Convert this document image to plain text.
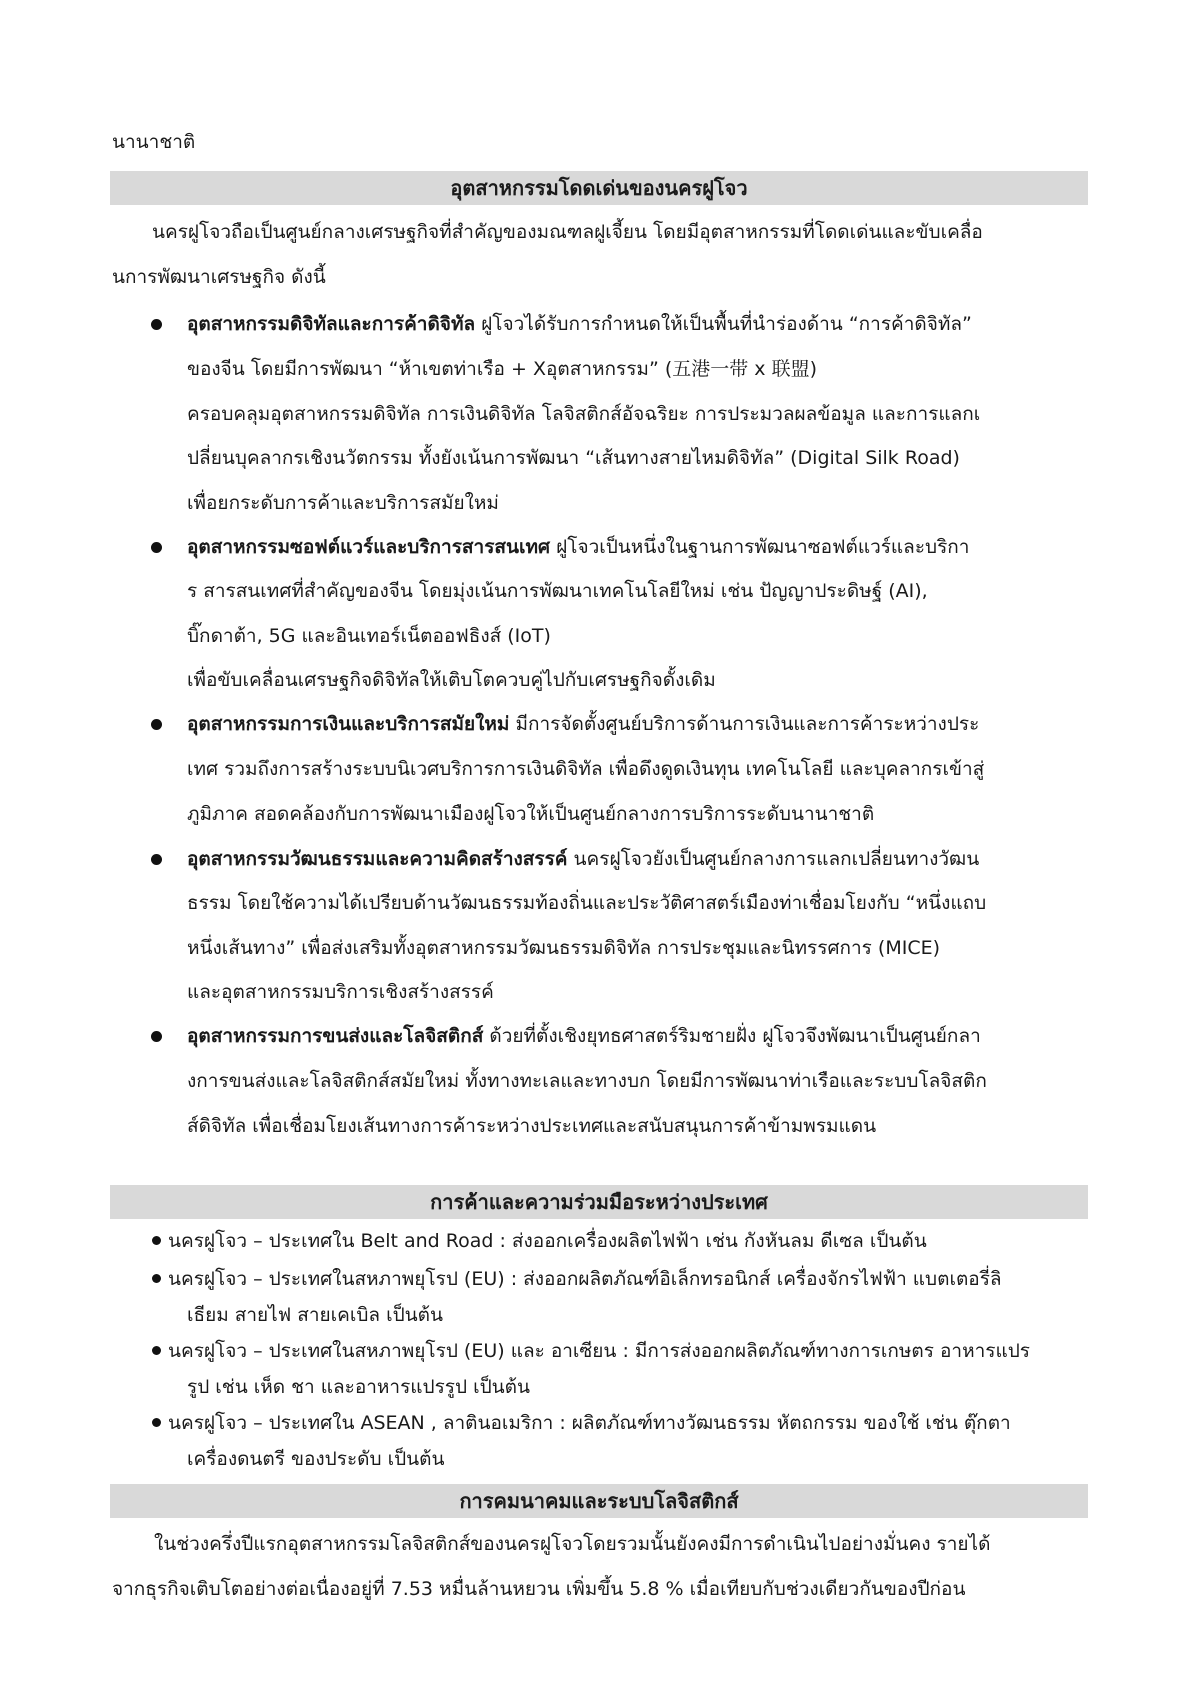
นานาชาติ
อุตสาหกรรมโดดเด่นของนครฝูโจว
นครฝูโจวถือเป็นศูนย์กลางเศรษฐกิจที่สำคัญของมณฑลฝูเจี้ยน โดยมีอุตสาหกรรมที่โดดเด่นและขับเคลื่อ
นการพัฒนาเศรษฐกิจ ดังนี้
อุตสาหกรรมดิจิทัลและการค้าดิจิทัล ฝูโจวได้รับการกำหนดให้เป็นพื้นที่นำร่องด้าน “การค้าดิจิทัล”
ของจีน โดยมีการพัฒนา “ห้าเขตท่าเรือ + Xอุตสาหกรรม” (五港一带 x 联盟)
ครอบคลุมอุตสาหกรรมดิจิทัล การเงินดิจิทัล โลจิสติกส์อัจฉริยะ การประมวลผลข้อมูล และการแลกเ
ปลี่ยนบุคลากรเชิงนวัตกรรม ทั้งยังเน้นการพัฒนา “เส้นทางสายไหมดิจิทัล” (Digital Silk Road)
เพื่อยกระดับการค้าและบริการสมัยใหม่
อุตสาหกรรมซอฟต์แวร์และบริการสารสนเทศ ฝูโจวเป็นหนึ่งในฐานการพัฒนาซอฟต์แวร์และบริกา
ร สารสนเทศที่สำคัญของจีน โดยมุ่งเน้นการพัฒนาเทคโนโลยีใหม่ เช่น ปัญญาประดิษฐ์ (AI),
บิ๊กดาต้า, 5G และอินเทอร์เน็ตออฟธิงส์ (IoT)
เพื่อขับเคลื่อนเศรษฐกิจดิจิทัลให้เติบโตควบคู่ไปกับเศรษฐกิจดั้งเดิม
อุตสาหกรรมการเงินและบริการสมัยใหม่ มีการจัดตั้งศูนย์บริการด้านการเงินและการค้าระหว่างประ
เทศ รวมถึงการสร้างระบบนิเวศบริการการเงินดิจิทัล เพื่อดึงดูดเงินทุน เทคโนโลยี และบุคลากรเข้าสู่
ภูมิภาค สอดคล้องกับการพัฒนาเมืองฝูโจวให้เป็นศูนย์กลางการบริการระดับนานาชาติ
อุตสาหกรรมวัฒนธรรมและความคิดสร้างสรรค์ นครฝูโจวยังเป็นศูนย์กลางการแลกเปลี่ยนทางวัฒน
ธรรม โดยใช้ความได้เปรียบด้านวัฒนธรรมท้องถิ่นและประวัติศาสตร์เมืองท่าเชื่อมโยงกับ “หนึ่งแถบ
หนึ่งเส้นทาง” เพื่อส่งเสริมทั้งอุตสาหกรรมวัฒนธรรมดิจิทัล การประชุมและนิทรรศการ (MICE)
และอุตสาหกรรมบริการเชิงสร้างสรรค์
อุตสาหกรรมการขนส่งและโลจิสติกส์ ด้วยที่ตั้งเชิงยุทธศาสตร์ริมชายฝั่ง ฝูโจวจึงพัฒนาเป็นศูนย์กลา
งการขนส่งและโลจิสติกส์สมัยใหม่ ทั้งทางทะเลและทางบก โดยมีการพัฒนาท่าเรือและระบบโลจิสติก
ส์ดิจิทัล เพื่อเชื่อมโยงเส้นทางการค้าระหว่างประเทศและสนับสนุนการค้าข้ามพรมแดน
การค้าและความร่วมมือระหว่างประเทศ
นครฝูโจว – ประเทศใน Belt and Road : ส่งออกเครื่องผลิตไฟฟ้า เช่น กังหันลม ดีเซล เป็นต้น
นครฝูโจว – ประเทศในสหภาพยุโรป (EU) : ส่งออกผลิตภัณฑ์อิเล็กทรอนิกส์ เครื่องจักรไฟฟ้า แบตเตอรี่ลิ
เธียม สายไฟ สายเคเบิล เป็นต้น
นครฝูโจว – ประเทศในสหภาพยุโรป (EU) และ อาเซียน : มีการส่งออกผลิตภัณฑ์ทางการเกษตร อาหารแปร
รูป เช่น เห็ด ชา และอาหารแปรรูป เป็นต้น
นครฝูโจว – ประเทศใน ASEAN , ลาตินอเมริกา : ผลิตภัณฑ์ทางวัฒนธรรม หัตถกรรม ของใช้ เช่น ตุ๊กตา
เครื่องดนตรี ของประดับ เป็นต้น
การคมนาคมและระบบโลจิสติกส์
ในช่วงครึ่งปีแรกอุตสาหกรรมโลจิสติกส์ของนครฝูโจวโดยรวมนั้นยังคงมีการดำเนินไปอย่างมั่นคง รายได้
จากธุรกิจเติบโตอย่างต่อเนื่องอยู่ที่ 7.53 หมื่นล้านหยวน เพิ่มขึ้น 5.8 % เมื่อเทียบกับช่วงเดียวกันของปีก่อน
